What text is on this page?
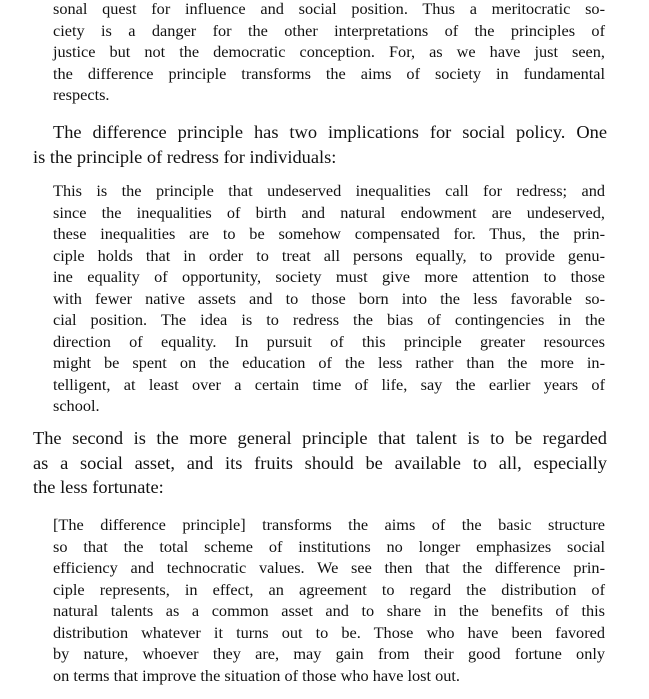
sonal quest for influence and social position. Thus a meritocratic so-
ciety is a danger for the other interpretations of the principles of
justice but not the democratic conception. For, as we have just seen,
the difference principle transforms the aims of society in fundamental
respects.
The difference principle has two implications for social policy. One
is the principle of redress for individuals:
This is the principle that undeserved inequalities call for redress; and
since the inequalities of birth and natural endowment are undeserved,
these inequalities are to be somehow compensated for. Thus, the prin-
ciple holds that in order to treat all persons equally, to provide genu-
ine equality of opportunity, society must give more attention to those
with fewer native assets and to those born into the less favorable so-
cial position. The idea is to redress the bias of contingencies in the
direction of equality. In pursuit of this principle greater resources
might be spent on the education of the less rather than the more in-
telligent, at least over a certain time of life, say the earlier years of
school.
The second is the more general principle that talent is to be regarded
as a social asset, and its fruits should be available to all, especially
the less fortunate:
[The difference principle] transforms the aims of the basic structure
so that the total scheme of institutions no longer emphasizes social
efficiency and technocratic values. We see then that the difference prin-
ciple represents, in effect, an agreement to regard the distribution of
natural talents as a common asset and to share in the benefits of this
distribution whatever it turns out to be. Those who have been favored
by nature, whoever they are, may gain from their good fortune only
on terms that improve the situation of those who have lost out.
